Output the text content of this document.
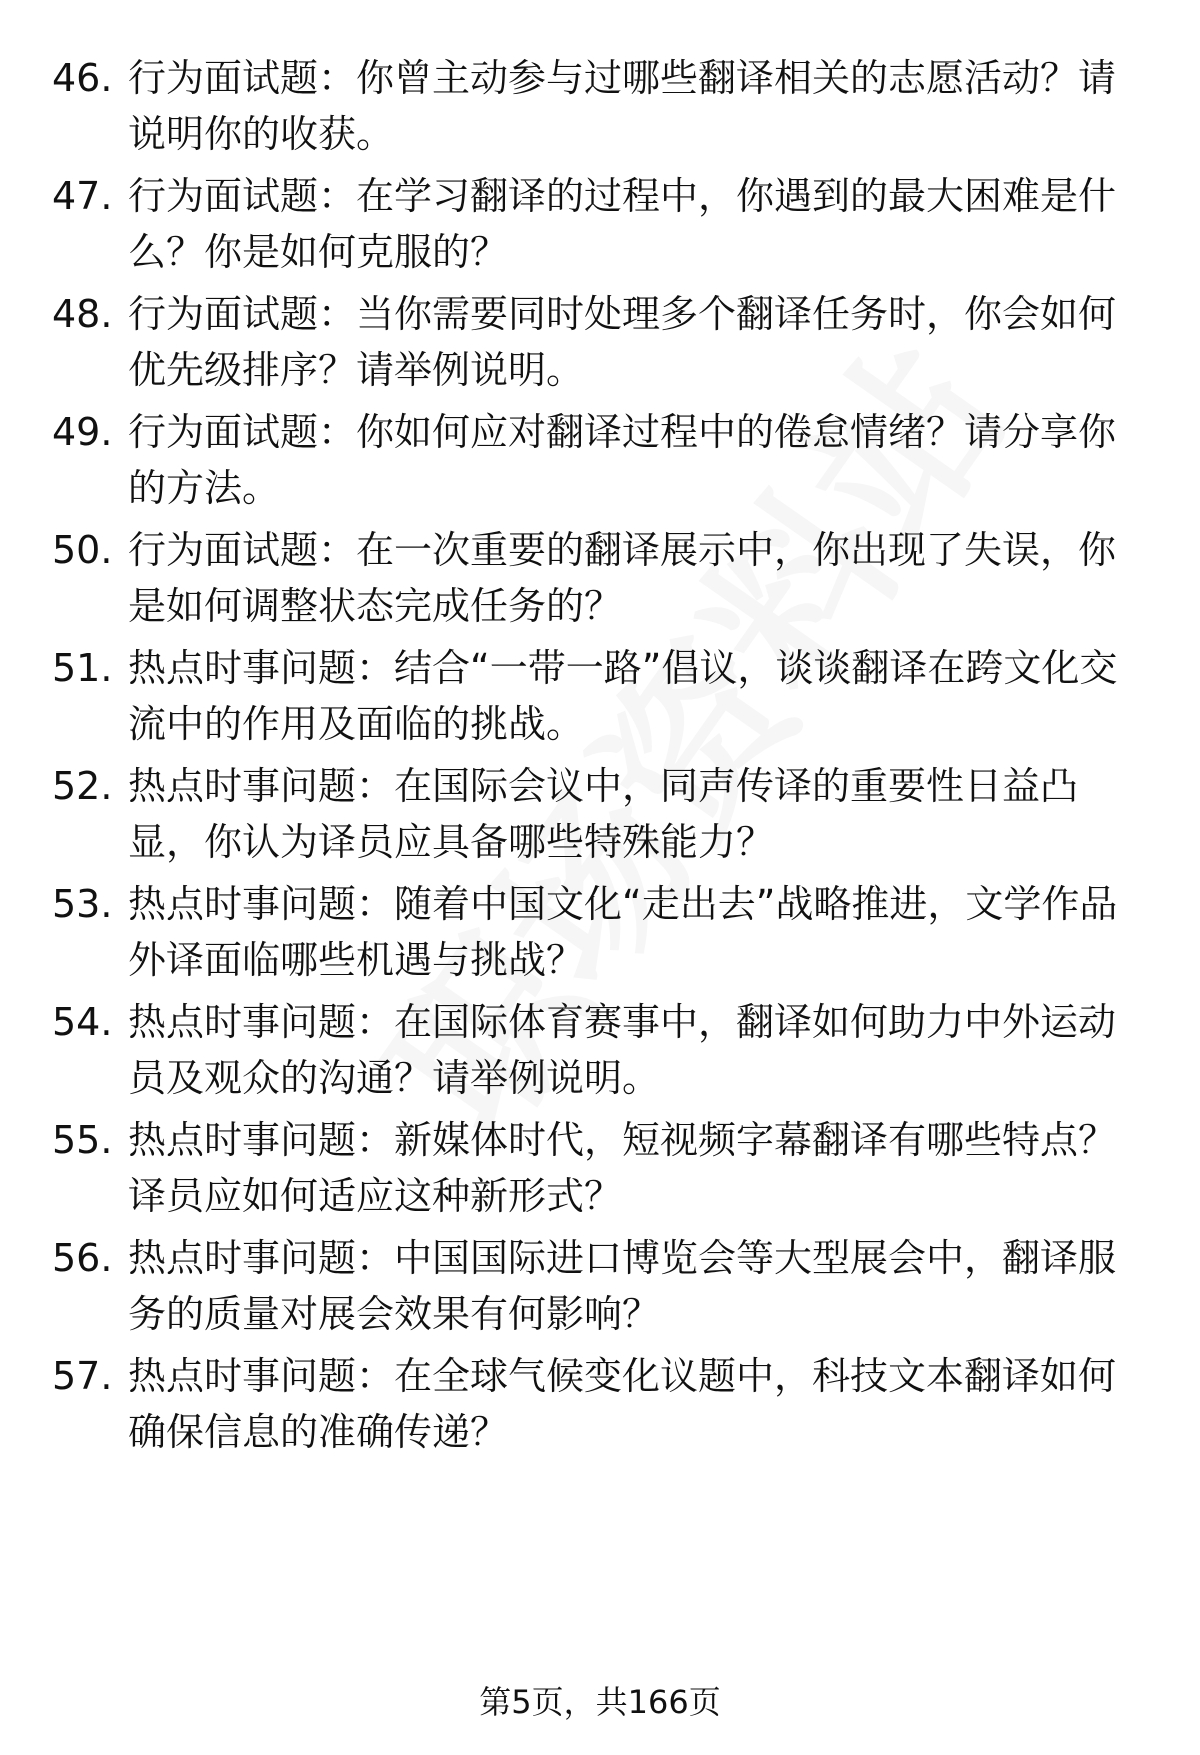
46. 行为面试题：你曾主动参与过哪些翻译相关的志愿活动？请说明你的收获。
47. 行为面试题：在学习翻译的过程中，你遇到的最大困难是什么？你是如何克服的？
48. 行为面试题：当你需要同时处理多个翻译任务时，你会如何优先级排序？请举例说明。
49. 行为面试题：你如何应对翻译过程中的倦怠情绪？请分享你的方法。
50. 行为面试题：在一次重要的翻译展示中，你出现了失误，你是如何调整状态完成任务的？
51. 热点时事问题：结合“一带一路”倡议，谈谈翻译在跨文化交流中的作用及面临的挑战。
52. 热点时事问题：在国际会议中，同声传译的重要性日益凸显，你认为译员应具备哪些特殊能力？
53. 热点时事问题：随着中国文化“走出去”战略推进，文学作品外译面临哪些机遇与挑战？
54. 热点时事问题：在国际体育赛事中，翻译如何助力中外运动员及观众的沟通？请举例说明。
55. 热点时事问题：新媒体时代，短视频字幕翻译有哪些特点？译员应如何适应这种新形式？
56. 热点时事问题：中国国际进口博览会等大型展会中，翻译服务的质量对展会效果有何影响？
57. 热点时事问题：在全球气候变化议题中，科技文本翻译如何确保信息的准确传递？
第5页，共166页
